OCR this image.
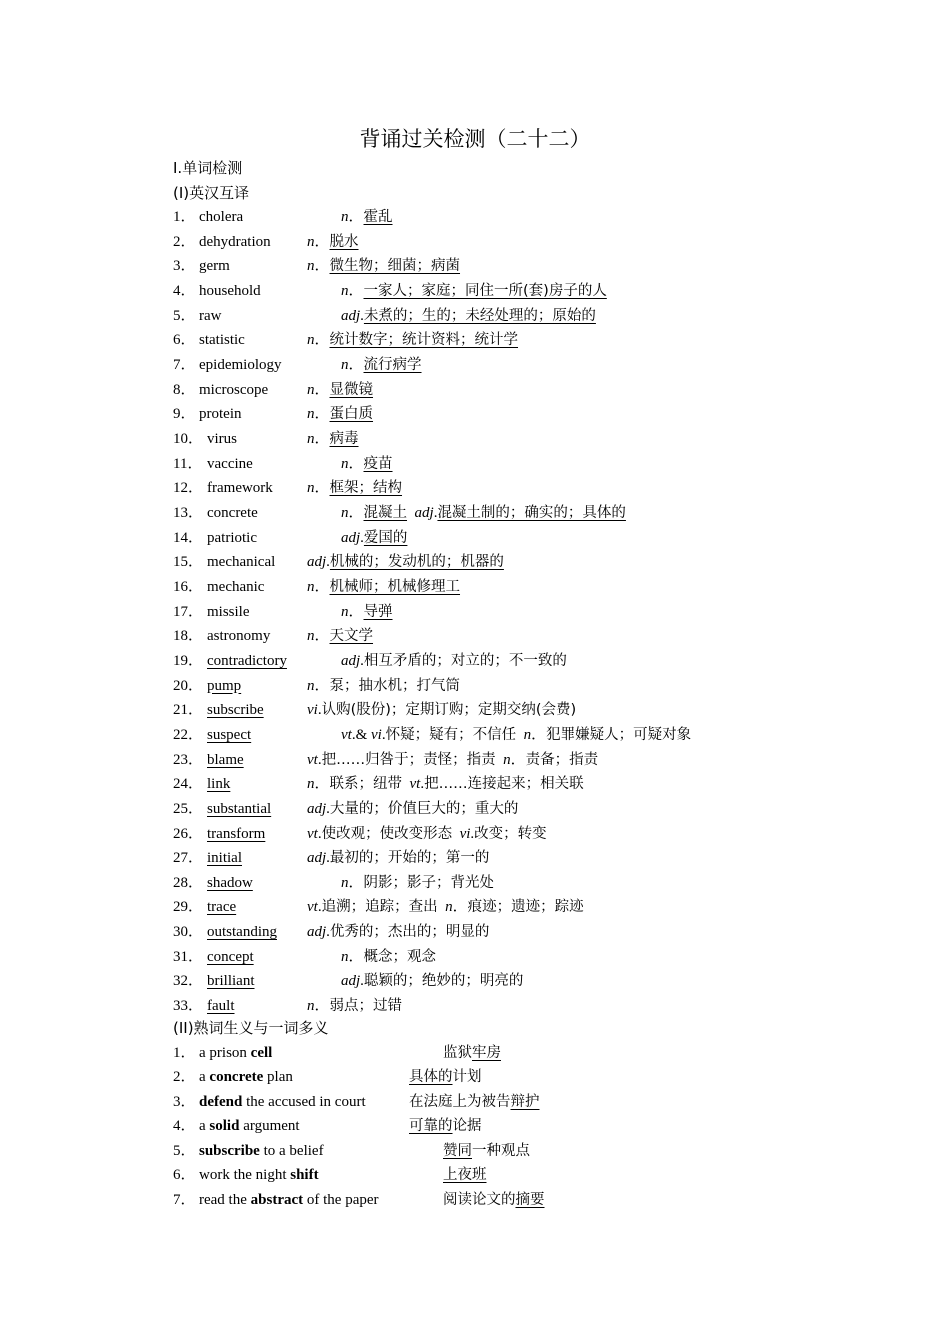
背诵过关检测（二十二）
I.单词检测
(I)英汉互译
1． cholera	n．霍乱
2． dehydration n．脱水
3． germ	n．微生物；细菌；病菌
4． household	n．一家人；家庭；同住一所(套)房子的人
5． raw	adj.未煮的；生的；未经处理的；原始的
6． statistic	n．统计数字；统计资料；统计学
7． epidemiology	n．流行病学
8． microscope	n．显微镜
9． protein	n．蛋白质
10． virus	n．病毒
11． vaccine	n．疫苗
12． framework n．框架；结构
13． concrete	n．混凝土 adj.混凝土制的；确实的；具体的
14． patriotic	adj.爱国的
15． mechanical adj.机械的；发动机的；机器的
16． mechanic	n．机械师；机械修理工
17． missile	n．导弹
18． astronomy n．天文学
19． contradictory	adj.相互矛盾的；对立的；不一致的
20． pump	n．泵；抽水机；打气筒
21． subscribe	vi.认购(股份)；定期订购；定期交纳(会费)
22． suspect	vt.& vi.怀疑；疑有；不信任 n．犯罪嫌疑人；可疑对象
23． blame	vt.把……归咎于；责怪；指责 n．责备；指责
24． link	n．联系；纽带 vt.把……连接起来；相关联
25． substantial adj.大量的；价值巨大的；重大的
26． transform	vt.使改观；使改变形态 vi.改变；转变
27． initial	adj.最初的；开始的；第一的
28． shadow	n．阴影；影子；背光处
29． trace	vt.追溯；追踪；查出 n．痕迹；遗迹；踪迹
30． outstanding adj.优秀的；杰出的；明显的
31． concept	n．概念；观念
32． brilliant	adj.聪颖的；绝妙的；明亮的
33． fault	n．弱点；过错
(II)熟词生义与一词多义
1． a prison cell	监狱牢房
2． a concrete plan	具体的计划
3． defend the accused in court	在法庭上为被告辩护
4． a solid argument	可靠的论据
5． subscribe to a belief	赞同一种观点
6． work the night shift	上夜班
7． read the abstract of the paper	阅读论文的摘要
